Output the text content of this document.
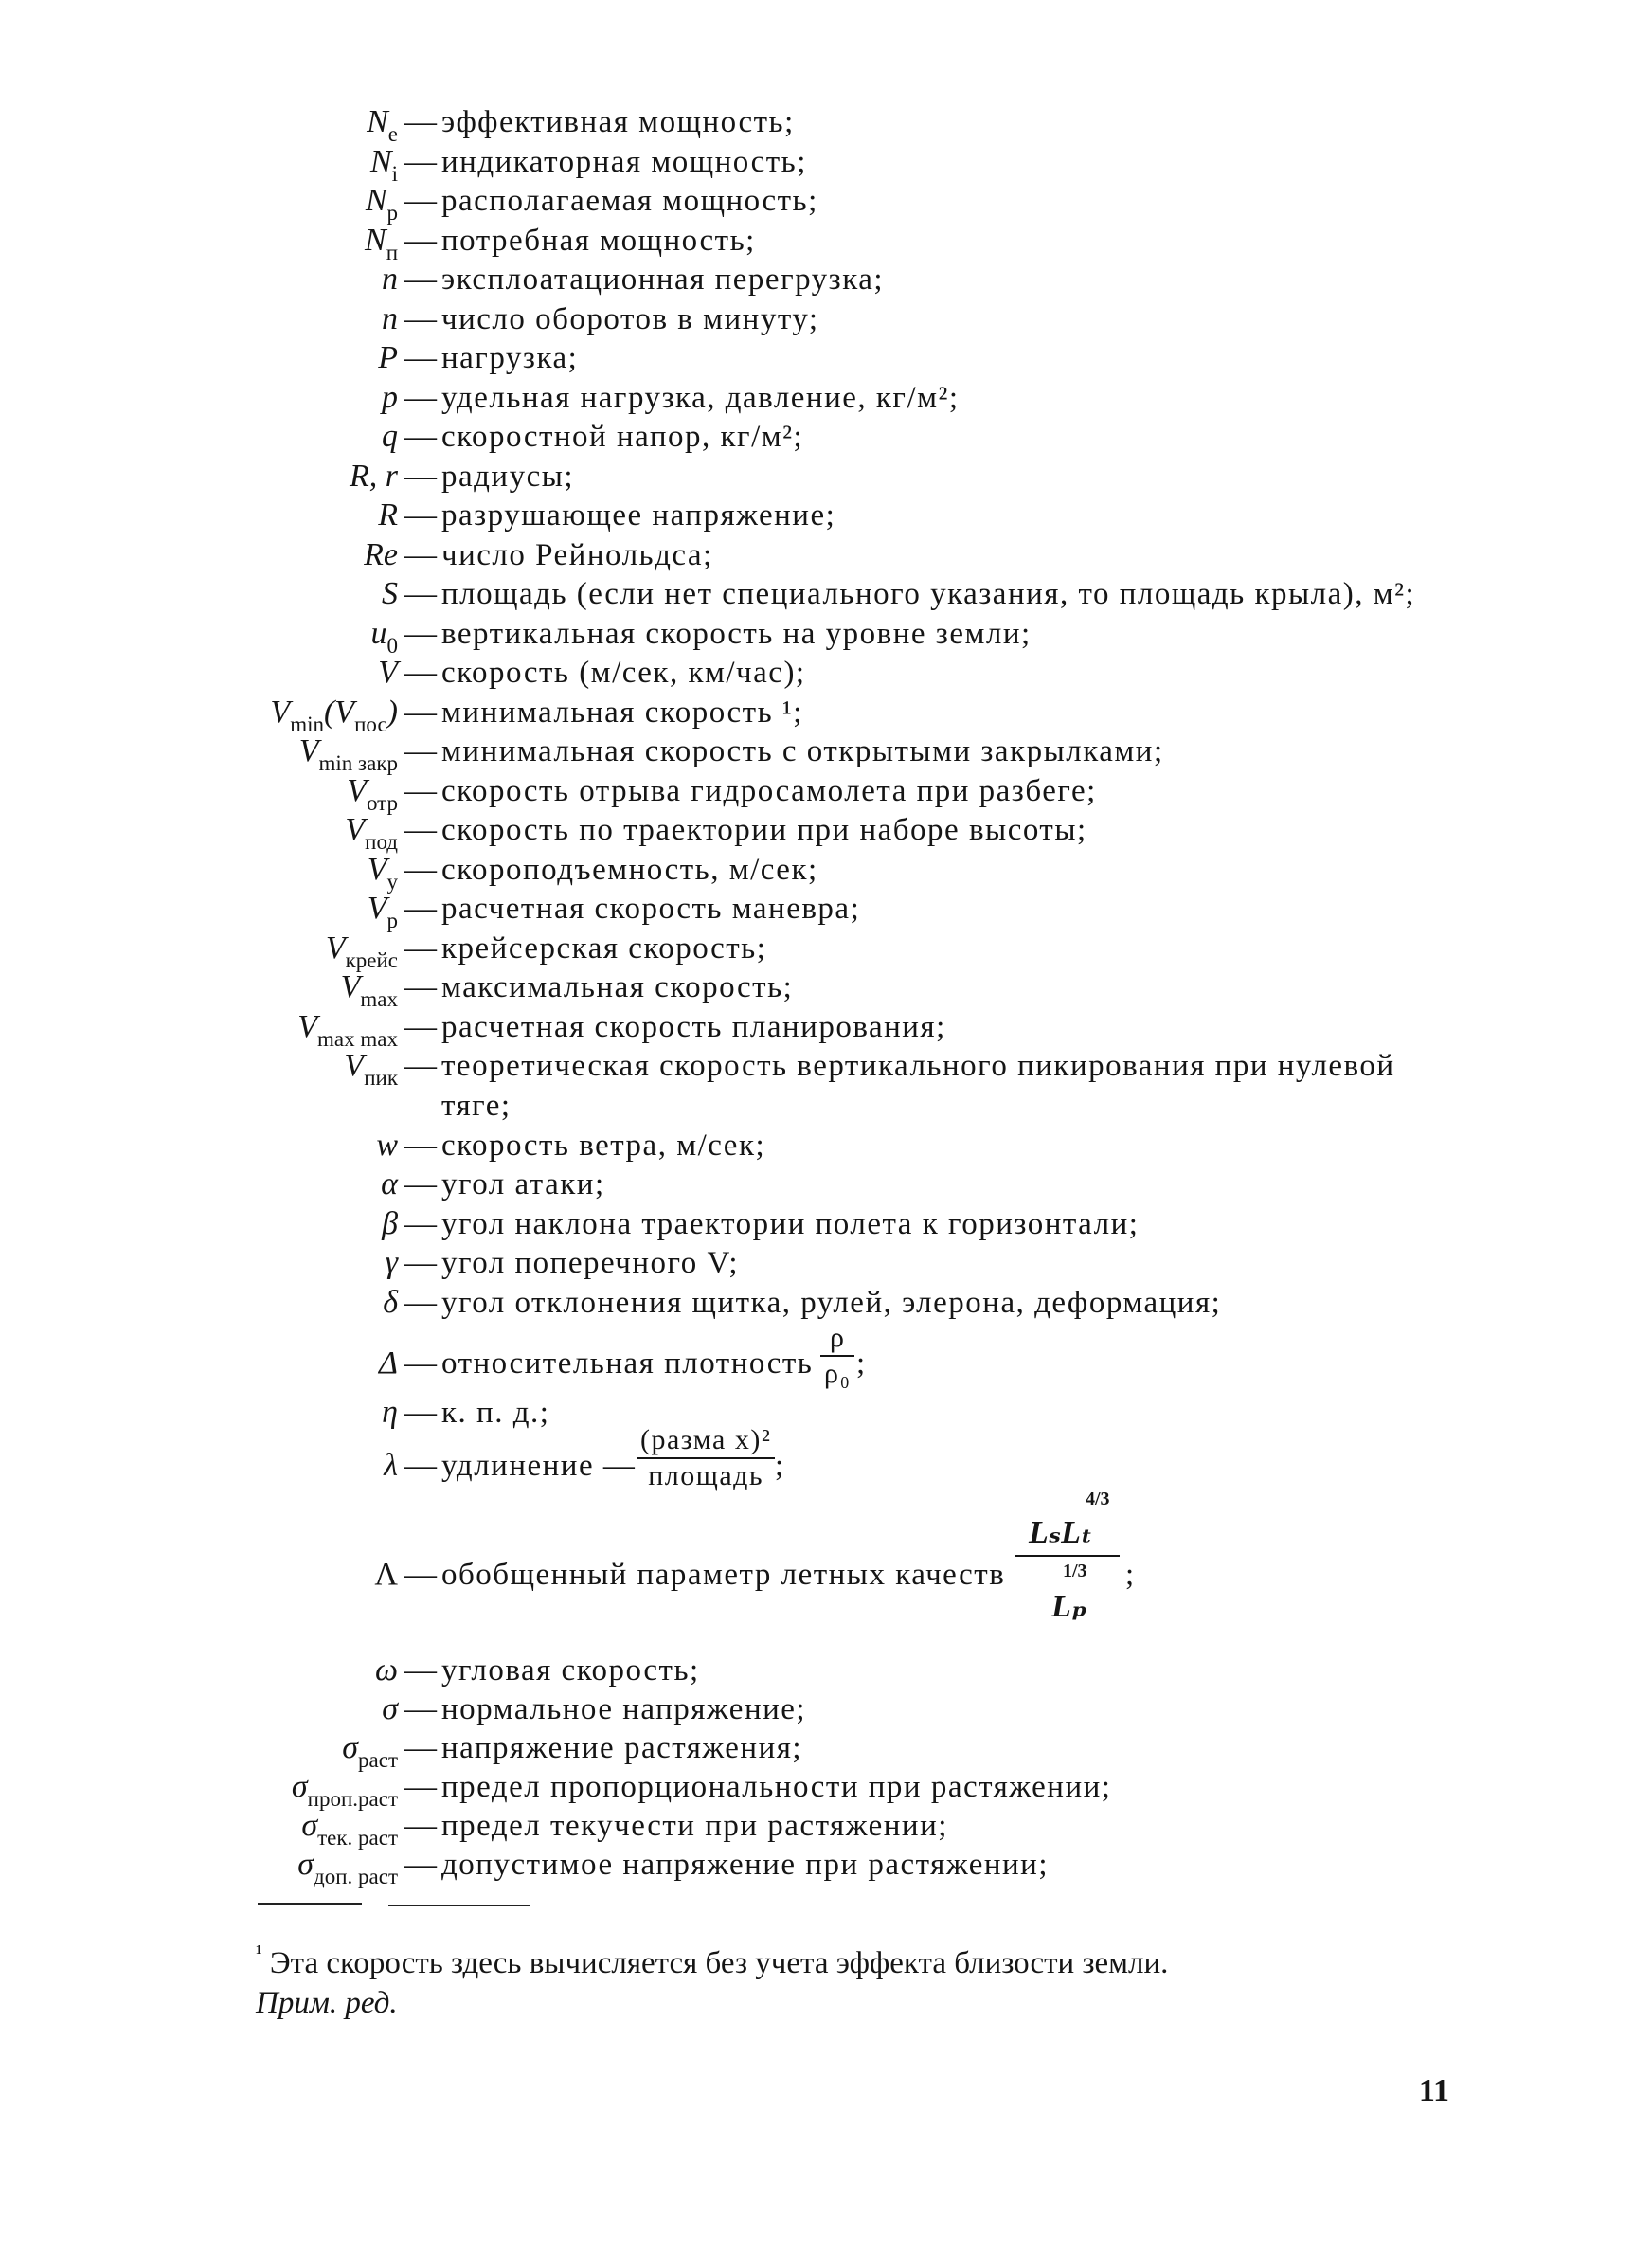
$N_e$ — эффективная мощность;
$N_i$ — индикаторная мощность;
$N_р$ — располагаемая мощность;
$N_п$ — потребная мощность;
n — эксплоатационная перегрузка;
n — число оборотов в минуту;
P — нагрузка;
p — удельная нагрузка, давление, кг/м²;
q — скоростной напор, кг/м²;
R, r — радиусы;
R — разрушающее напряжение;
Re — число Рейнольдса;
S — площадь (если нет специального указания, то площадь крыла), м²;
$u_0$ — вертикальная скорость на уровне земли;
V — скорость (м/сек, км/час);
$V_{min}(V_{пос})$ — минимальная скорость ¹;
$V_{min закр}$ — минимальная скорость с открытыми закрылками;
$V_{отр}$ — скорость отрыва гидросамолета при разбеге;
$V_{под}$ — скорость по траектории при наборе высоты;
$V_y$ — скороподъемность, м/сек;
$V_р$ — расчетная скорость маневра;
$V_{крейс}$ — крейсерская скорость;
$V_{max}$ — максимальная скорость;
$V_{max max}$ — расчетная скорость планирования;
$V_{пик}$ — теоретическая скорость вертикального пикирования при нулевой тяге;
w — скорость ветра, м/сек;
α — угол атаки;
β — угол наклона траектории полета к горизонтали;
γ — угол поперечного V;
δ — угол отклонения щитка, рулей, элерона, деформация;
Δ — относительная плотность $\frac{\rho}{\text{ρ₀}}$ ;
η — к. п. д.;
λ — удлинение —
(разма х)²
площадь ;
Λ — обобщенный параметр летных качеств
LₛLₜ
4/3
Lₚ
1/3 ;
ω — угловая скорость;
σ — нормальное напряжение;
$\sigma_{раст}$ — напряжение растяжения;
$\sigma_{проп.раст}$ — предел пропорциональности при растяжении;
$\sigma_{тек. раст}$ — предел текучести при растяжении;
$\sigma_{доп. раст}$ — допустимое напряжение при растяжении;
$^{^1}$ Эта скорость здесь вычисляется без учета эффекта близости земли.
Прим. ред.
11
